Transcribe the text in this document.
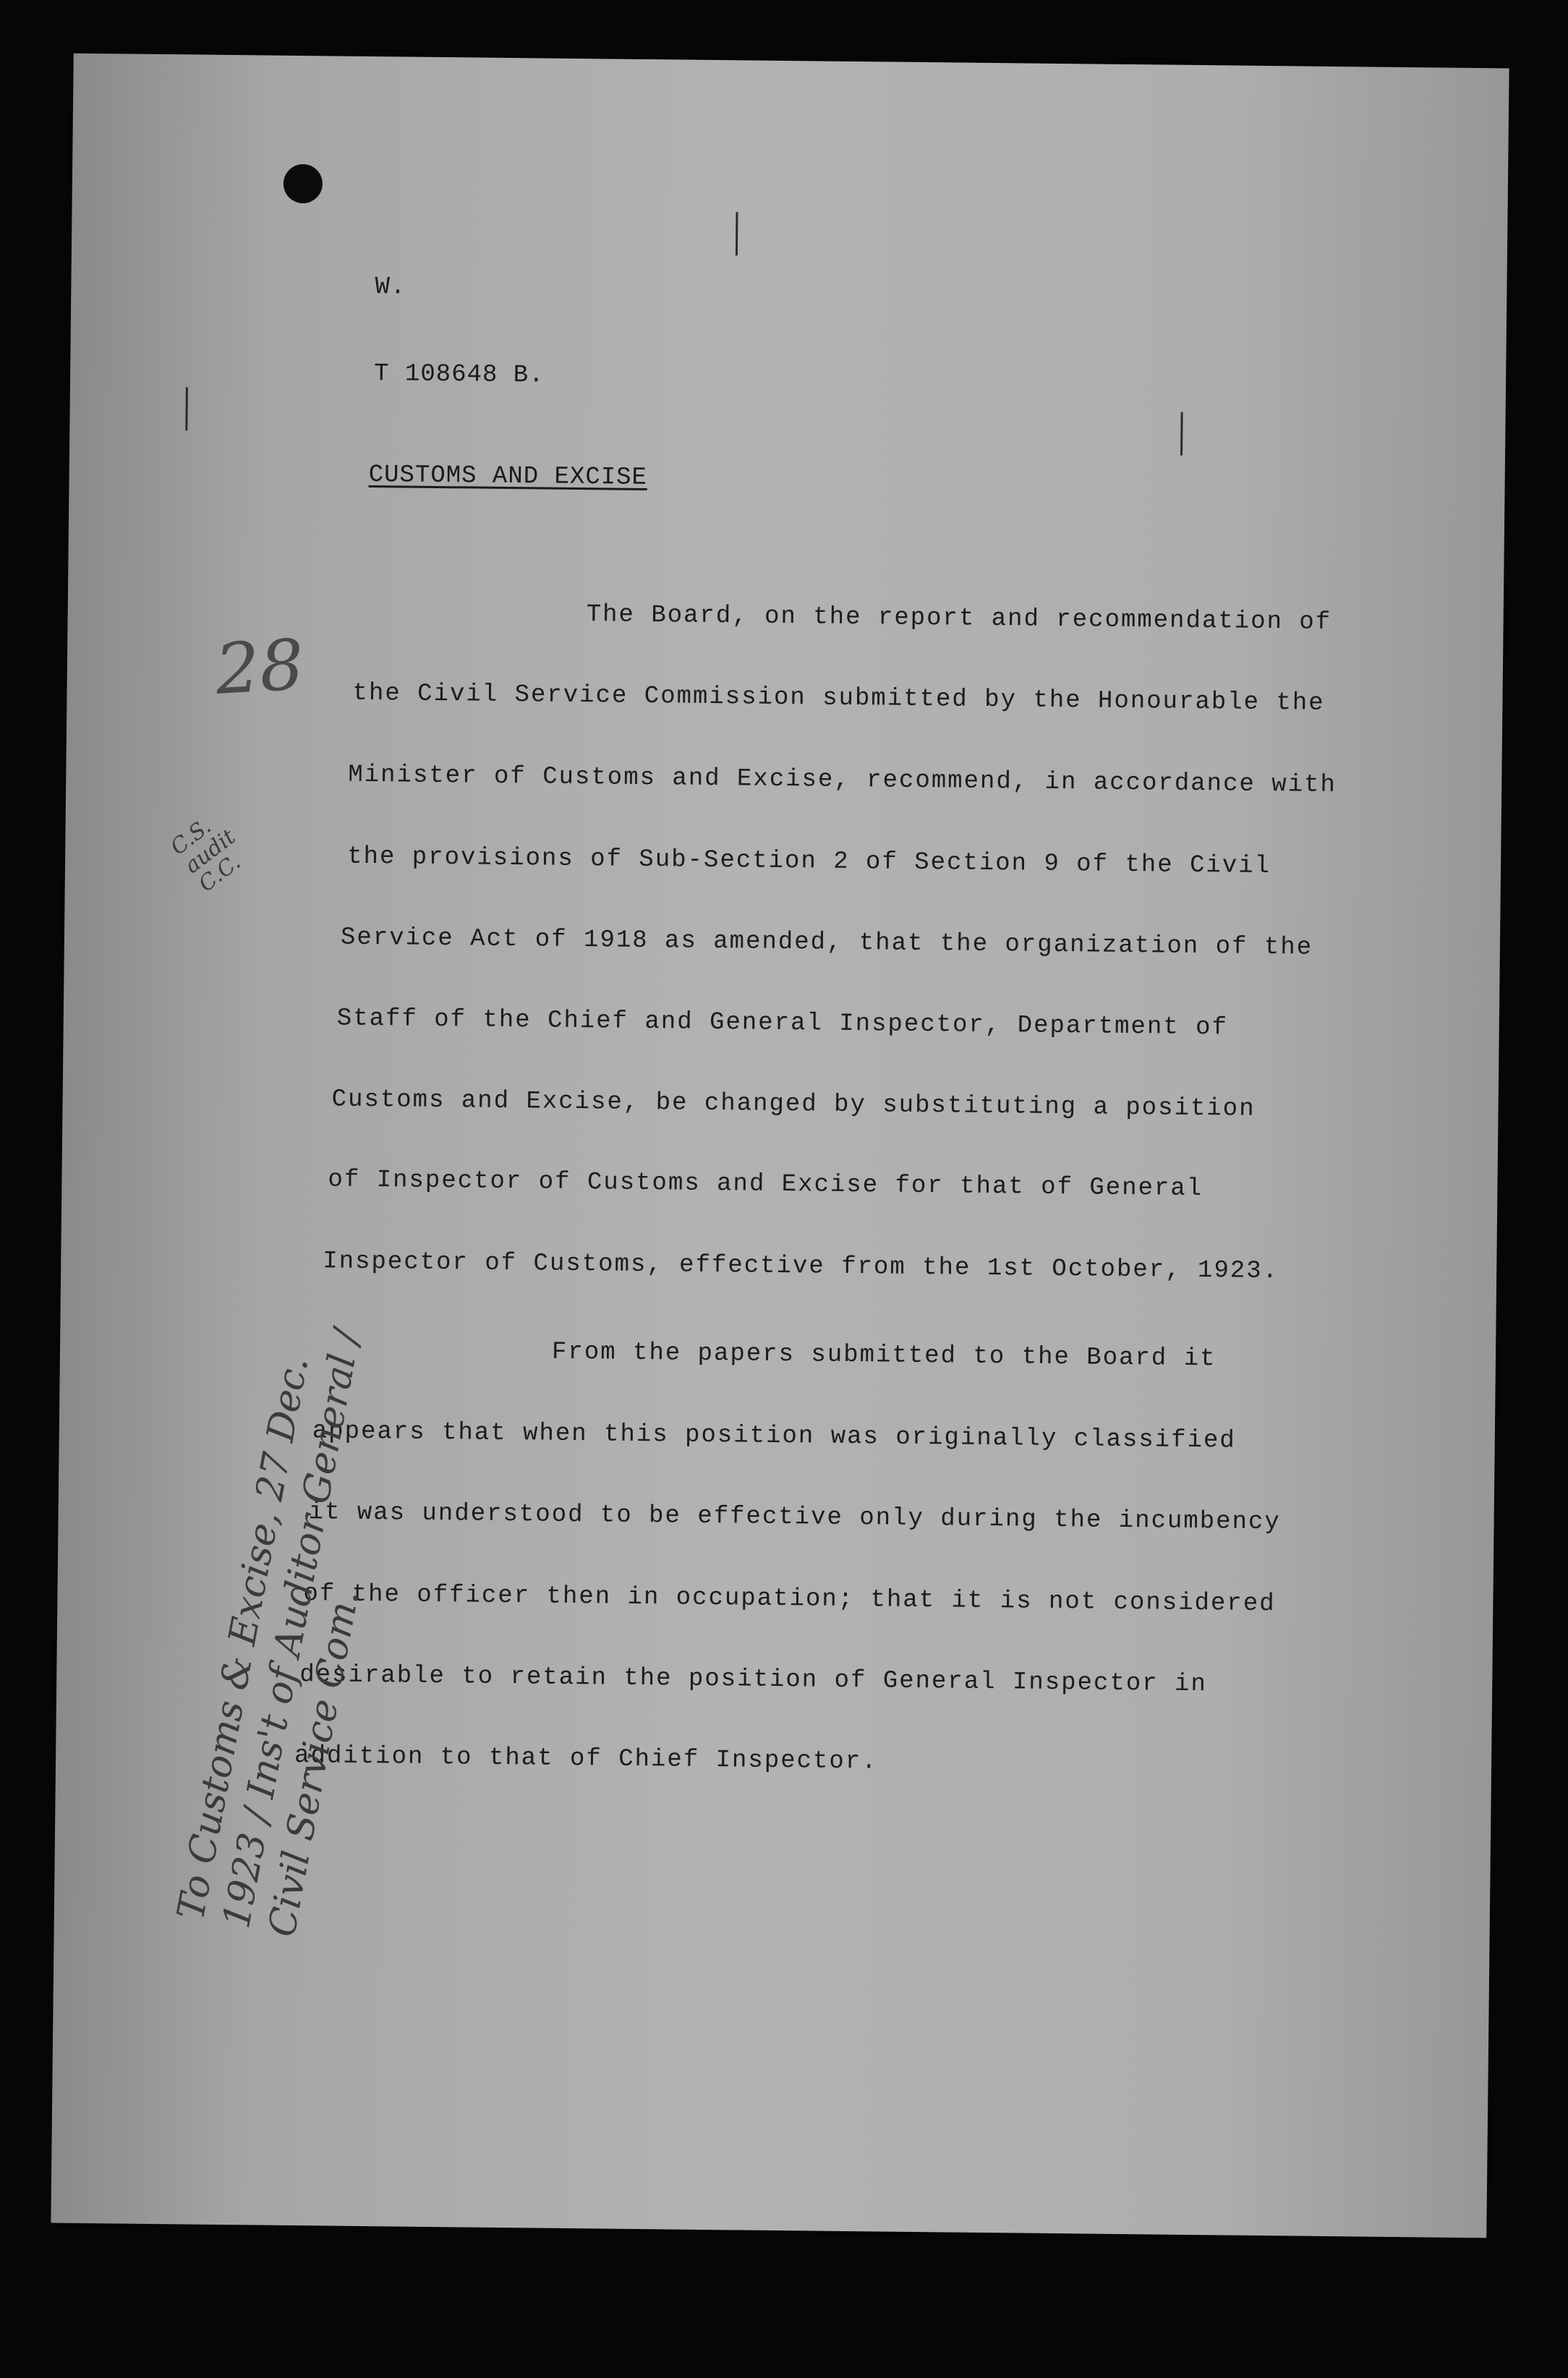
W.
T 108648 B.
CUSTOMS AND EXCISE
The Board, on the report and recommendation of
the Civil Service Commission submitted by the Honourable the
Minister of Customs and Excise, recommend, in accordance with
the provisions of Sub-Section 2 of Section 9 of the Civil
Service Act of 1918 as amended, that the organization of the
Staff of the Chief and General Inspector, Department of
Customs and Excise, be changed by substituting a position
of Inspector of Customs and Excise for that of General
Inspector of Customs, effective from the 1st October, 1923.
From the papers submitted to the Board it
appears that when this position was originally classified
it was understood to be effective only during the incumbency
of the officer then in occupation; that it is not considered
desirable to retain the position of General Inspector in
addition to that of Chief Inspector.
28
C.S. audit C.C.
To Customs & Excise, 27 Dec. 1923 / Ins't of Auditor General / Civil Service Com.
